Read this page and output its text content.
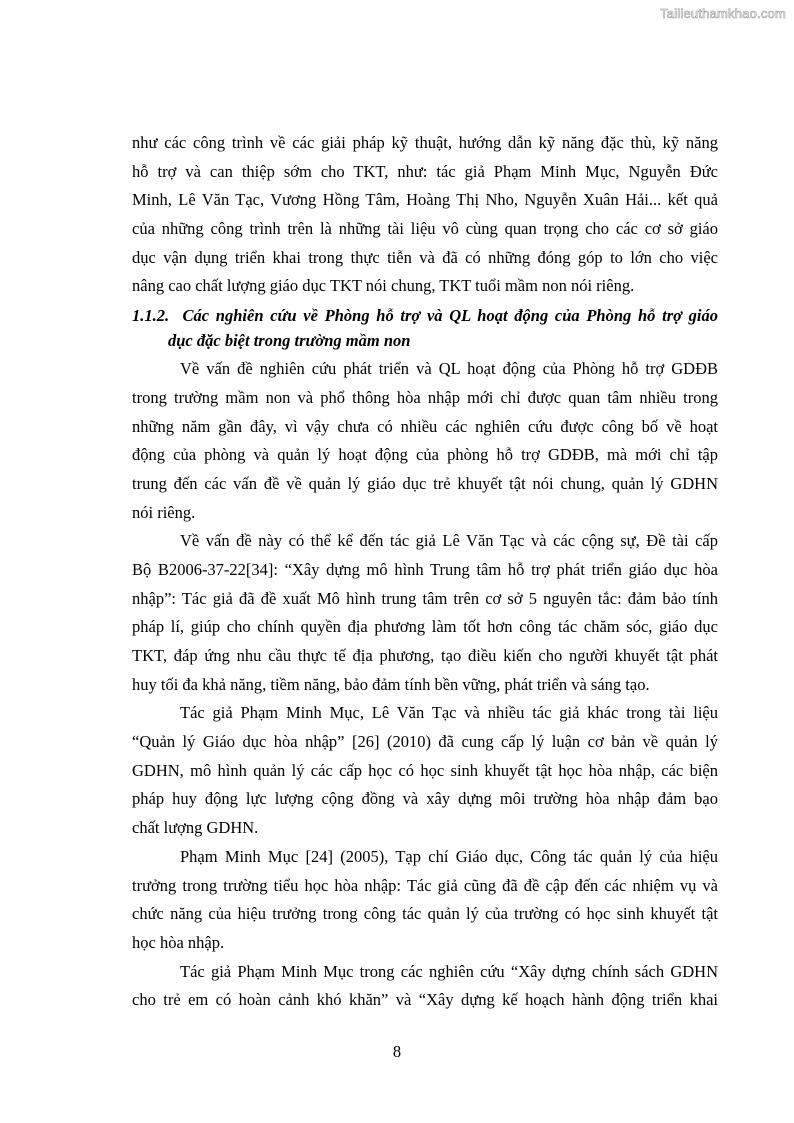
Tailieuthamkhao.com
như các công trình về các giải pháp kỹ thuật, hướng dẫn kỹ năng đặc thù, kỹ năng
hỗ trợ và can thiệp sớm cho TKT, như: tác giả Phạm Minh Mục, Nguyễn Đức
Minh, Lê Văn Tạc, Vương Hồng Tâm, Hoàng Thị Nho, Nguyễn Xuân Hải... kết quả
của những công trình trên là những tài liệu vô cùng quan trọng cho các cơ sở giáo
dục vận dụng triển khai trong thực tiễn và đã có những đóng góp to lớn cho việc
nâng cao chất lượng giáo dục TKT nói chung, TKT tuổi mầm non nói riêng.
1.1.2. Các nghiên cứu về Phòng hỗ trợ và QL hoạt động của Phòng hỗ trợ giáo
dục đặc biệt trong trường mầm non
Về vấn đề nghiên cứu phát triển và QL hoạt động của Phòng hỗ trợ GDĐB
trong trường mầm non và phổ thông hòa nhập mới chỉ được quan tâm nhiều trong
những năm gần đây, vì vậy chưa có nhiều các nghiên cứu được công bố về hoạt
động của phòng và quản lý hoạt động của phòng hỗ trợ GDĐB, mà mới chỉ tập
trung đến các vấn đề về quản lý giáo dục trẻ khuyết tật nói chung, quản lý GDHN
nói riêng.
Về vấn đề này có thể kể đến tác giả Lê Văn Tạc và các cộng sự, Đề tài cấp
Bộ B2006-37-22[34]: “Xây dựng mô hình Trung tâm hỗ trợ phát triển giáo dục hòa
nhập”: Tác giả đã đề xuất Mô hình trung tâm trên cơ sở 5 nguyên tắc: đảm bảo tính
pháp lí, giúp cho chính quyền địa phương làm tốt hơn công tác chăm sóc, giáo dục
TKT, đáp ứng nhu cầu thực tế địa phương, tạo điều kiến cho người khuyết tật phát
huy tối đa khả năng, tiềm năng, bảo đảm tính bền vững, phát triển và sáng tạo.
Tác giả Phạm Minh Mục, Lê Văn Tạc và nhiều tác giả khác trong tài liệu
“Quản lý Giáo dục hòa nhập” [26] (2010) đã cung cấp lý luận cơ bản về quản lý
GDHN, mô hình quản lý các cấp học có học sinh khuyết tật học hòa nhập, các biện
pháp huy động lực lượng cộng đồng và xây dựng môi trường hòa nhập đảm bạo
chất lượng GDHN.
Phạm Minh Mục [24] (2005), Tạp chí Giáo dục, Công tác quản lý của hiệu
trưởng trong trường tiểu học hòa nhập: Tác giả cũng đã đề cập đến các nhiệm vụ và
chức năng của hiệu trưởng trong công tác quản lý của trường có học sinh khuyết tật
học hòa nhập.
Tác giả Phạm Minh Mục trong các nghiên cứu “Xây dựng chính sách GDHN
cho trẻ em có hoàn cảnh khó khăn” và “Xây dựng kế hoạch hành động triển khai
8
